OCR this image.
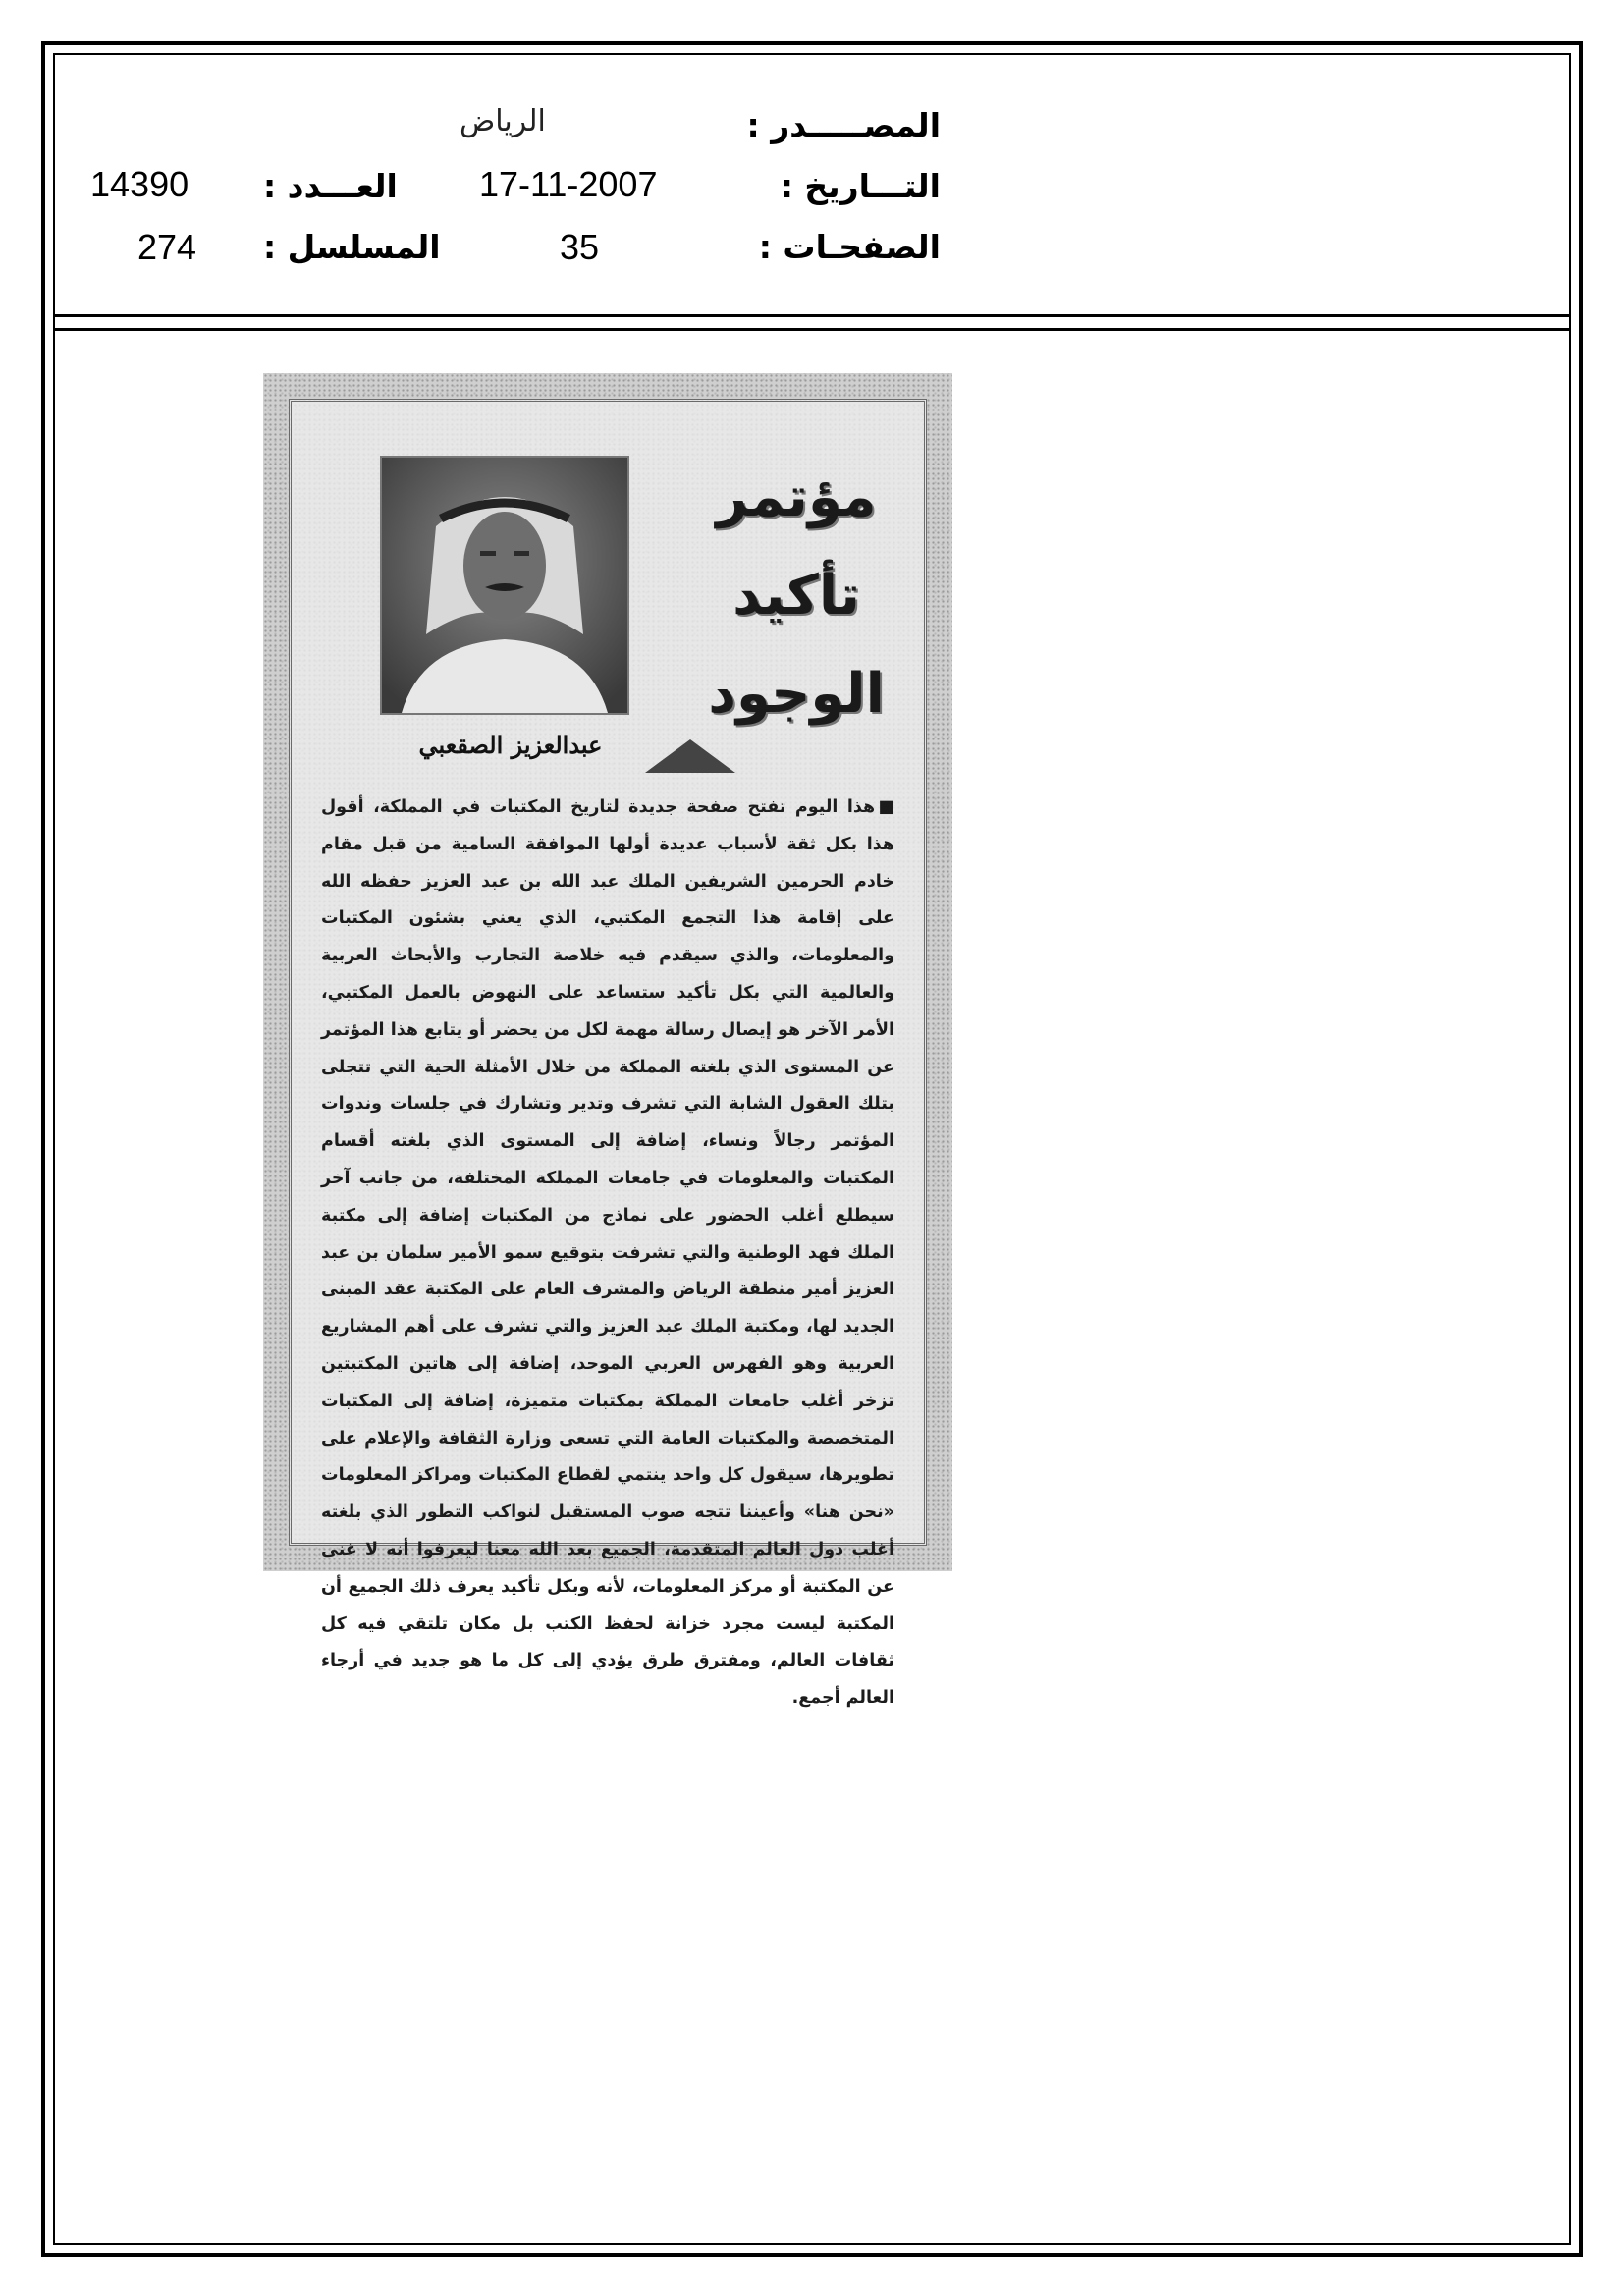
المصـــــدر :
الرياض
التـــاريخ :
17-11-2007
العـــدد :
14390
الصفحـات :
35
المسلسل :
274
مؤتمر
تأكيد
الوجود
عبدالعزيز الصقعبي
■هذا اليوم تفتح صفحة جديدة لتاريخ المكتبات في المملكة، أقول هذا بكل ثقة لأسباب عديدة أولها الموافقة السامية من قبل مقام خادم الحرمين الشريفين الملك عبد الله بن عبد العزيز حفظه الله على إقامة هذا التجمع المكتبي، الذي يعني بشئون المكتبات والمعلومات، والذي سيقدم فيه خلاصة التجارب والأبحاث العربية والعالمية التي بكل تأكيد ستساعد على النهوض بالعمل المكتبي، الأمر الآخر هو إيصال رسالة مهمة لكل من يحضر أو يتابع هذا المؤتمر عن المستوى الذي بلغته المملكة من خلال الأمثلة الحية التي تتجلى بتلك العقول الشابة التي تشرف وتدير وتشارك في جلسات وندوات المؤتمر رجالاً ونساء، إضافة إلى المستوى الذي بلغته أقسام المكتبات والمعلومات في جامعات المملكة المختلفة، من جانب آخر سيطلع أغلب الحضور على نماذج من المكتبات إضافة إلى مكتبة الملك فهد الوطنية والتي تشرفت بتوقيع سمو الأمير سلمان بن عبد العزيز أمير منطقة الرياض والمشرف العام على المكتبة عقد المبنى الجديد لها، ومكتبة الملك عبد العزيز والتي تشرف على أهم المشاريع العربية وهو الفهرس العربي الموحد، إضافة إلى هاتين المكتبتين تزخر أغلب جامعات المملكة بمكتبات متميزة، إضافة إلى المكتبات المتخصصة والمكتبات العامة التي تسعى وزارة الثقافة والإعلام على تطويرها، سيقول كل واحد ينتمي لقطاع المكتبات ومراكز المعلومات «نحن هنا» وأعيننا تتجه صوب المستقبل لنواكب التطور الذي بلغته أغلب دول العالم المتقدمة، الجميع بعد الله معنا ليعرفوا أنه لا غنى عن المكتبة أو مركز المعلومات، لأنه وبكل تأكيد يعرف ذلك الجميع أن المكتبة ليست مجرد خزانة لحفظ الكتب بل مكان تلتقي فيه كل ثقافات العالم، ومفترق طرق يؤدي إلى كل ما هو جديد في أرجاء العالم أجمع.
